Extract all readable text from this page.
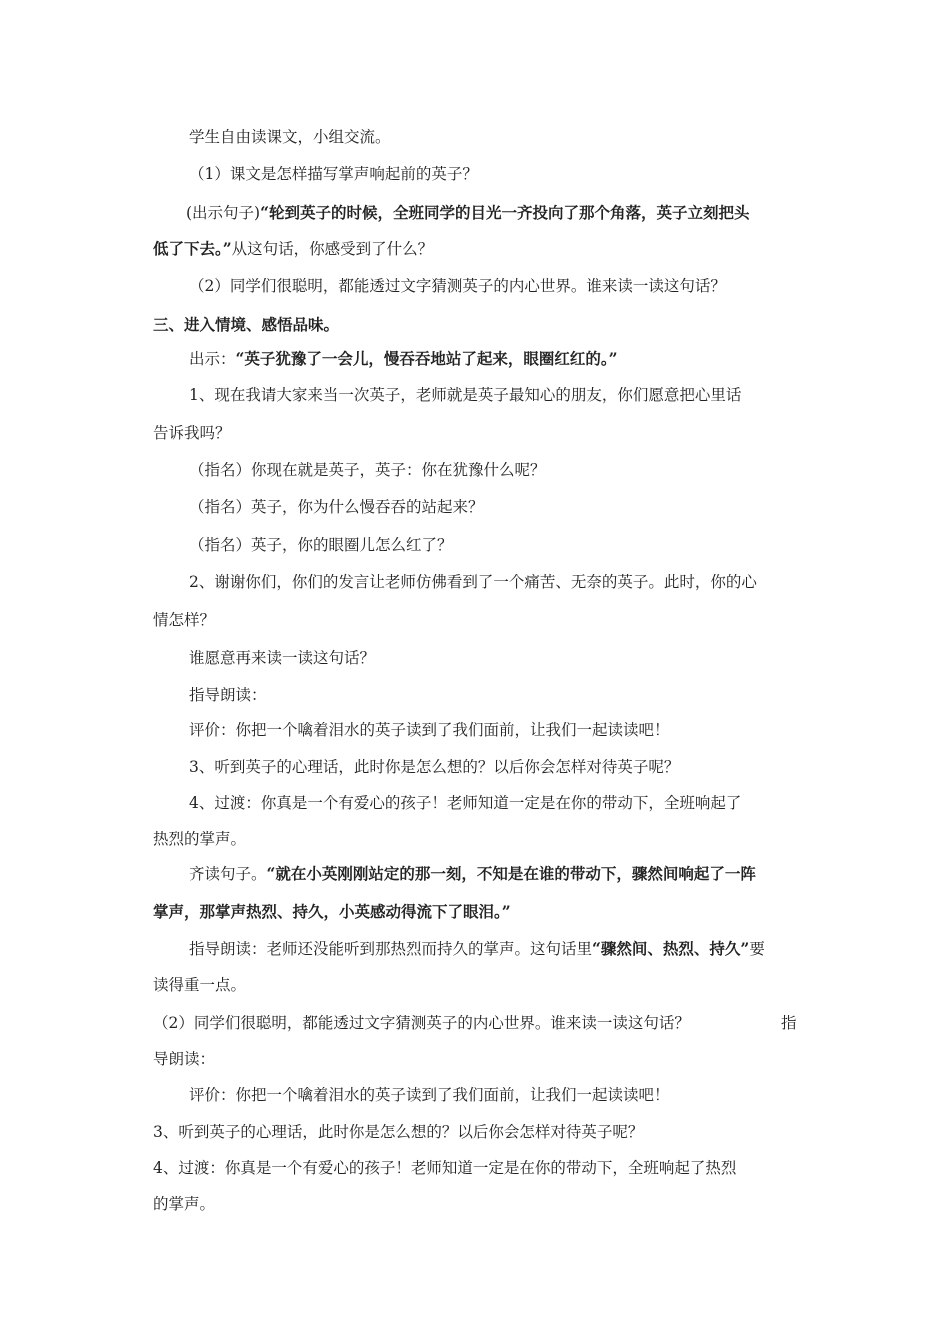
学生自由读课文，小组交流。
（1）课文是怎样描写掌声响起前的英子？
(出示句子)“轮到英子的时候，全班同学的目光一齐投向了那个角落，英子立刻把头
低了下去。”从这句话，你感受到了什么？
（2）同学们很聪明，都能透过文字猜测英子的内心世界。谁来读一读这句话？
三、进入情境、感悟品味。
出示：“英子犹豫了一会儿，慢吞吞地站了起来，眼圈红红的。”
1、现在我请大家来当一次英子，老师就是英子最知心的朋友，你们愿意把心里话
告诉我吗？
（指名）你现在就是英子，英子：你在犹豫什么呢？
（指名）英子，你为什么慢吞吞的站起来？
（指名）英子，你的眼圈儿怎么红了？
2、谢谢你们，你们的发言让老师仿佛看到了一个痛苦、无奈的英子。此时，你的心
情怎样？
谁愿意再来读一读这句话？
指导朗读：
评价：你把一个噙着泪水的英子读到了我们面前，让我们一起读读吧！
3、听到英子的心理话，此时你是怎么想的？以后你会怎样对待英子呢？
4、过渡：你真是一个有爱心的孩子！老师知道一定是在你的带动下，全班响起了
热烈的掌声。
齐读句子。“就在小英刚刚站定的那一刻，不知是在谁的带动下，骤然间响起了一阵
掌声，那掌声热烈、持久，小英感动得流下了眼泪。”
指导朗读：老师还没能听到那热烈而持久的掌声。这句话里“骤然间、热烈、持久”要
读得重一点。
（2）同学们很聪明，都能透过文字猜测英子的内心世界。谁来读一读这句话？	指
导朗读：
评价：你把一个噙着泪水的英子读到了我们面前，让我们一起读读吧！
3、听到英子的心理话，此时你是怎么想的？以后你会怎样对待英子呢？
4、过渡：你真是一个有爱心的孩子！老师知道一定是在你的带动下，全班响起了热烈
的掌声。
